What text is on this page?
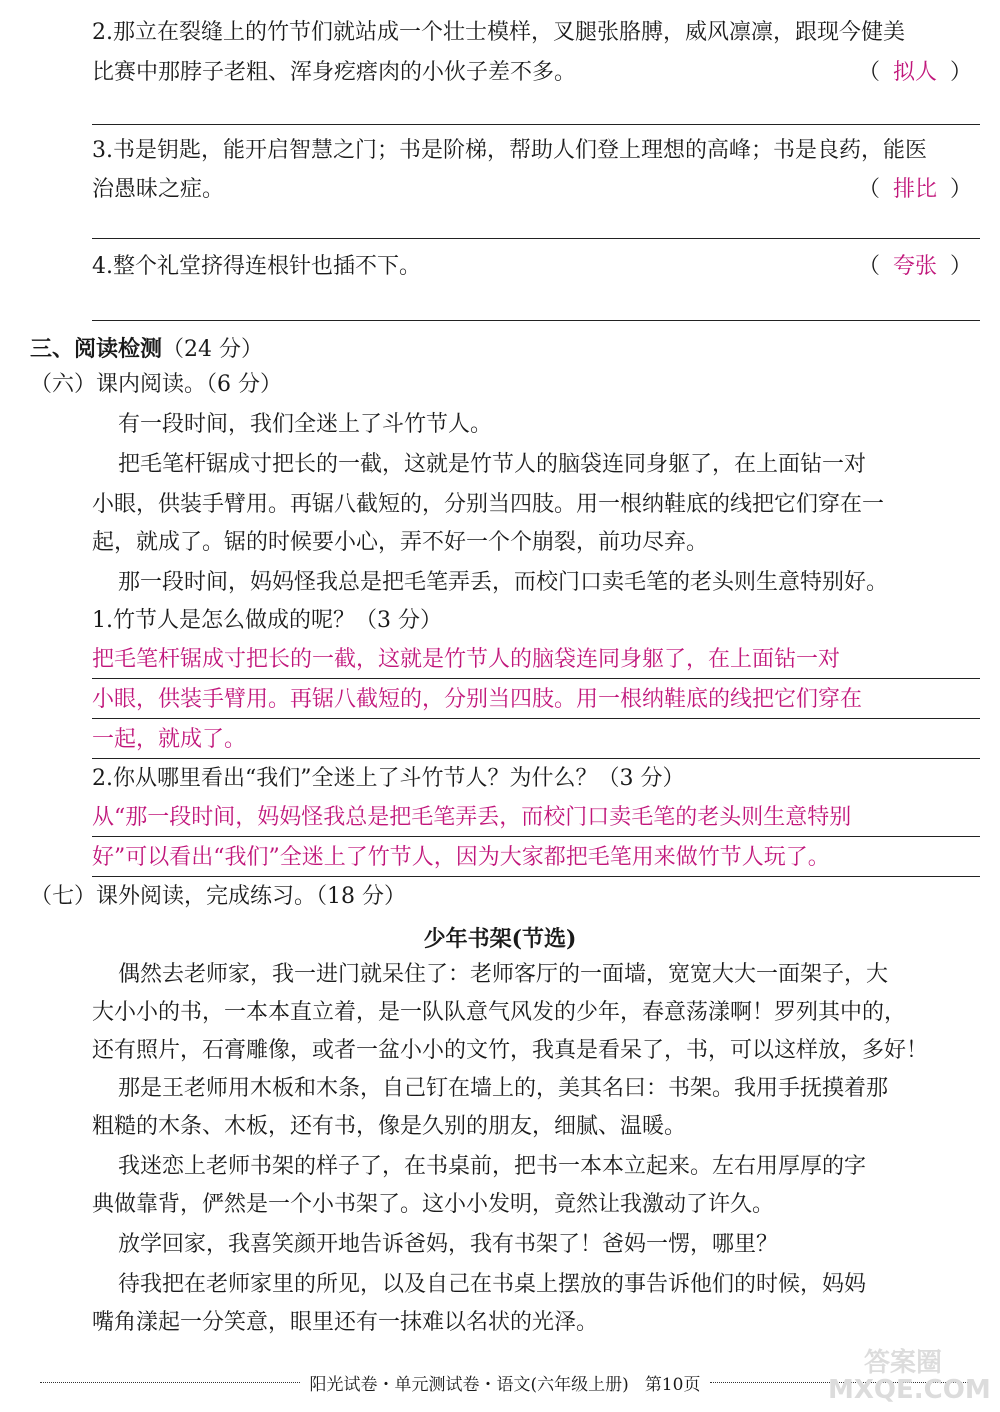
2.那立在裂缝上的竹节们就站成一个壮士模样，叉腿张胳膊，威风凛凛，跟现今健美
比赛中那脖子老粗、浑身疙瘩肉的小伙子差不多。	（ 拟人 ）
3.书是钥匙，能开启智慧之门；书是阶梯，帮助人们登上理想的高峰；书是良药，能医
治愚昧之症。	（ 排比 ）
4.整个礼堂挤得连根针也插不下。	（ 夸张 ）
三、阅读检测（24 分）
（六）课内阅读。（6 分）
有一段时间，我们全迷上了斗竹节人。
把毛笔杆锯成寸把长的一截，这就是竹节人的脑袋连同身躯了，在上面钻一对
小眼，供装手臂用。再锯八截短的，分别当四肢。用一根纳鞋底的线把它们穿在一
起，就成了。锯的时候要小心，弄不好一个个崩裂，前功尽弃。
那一段时间，妈妈怪我总是把毛笔弄丢，而校门口卖毛笔的老头则生意特别好。
1.竹节人是怎么做成的呢？（3 分）
把毛笔杆锯成寸把长的一截，这就是竹节人的脑袋连同身躯了，在上面钻一对
小眼，供装手臂用。再锯八截短的，分别当四肢。用一根纳鞋底的线把它们穿在
一起，就成了。
2.你从哪里看出“我们”全迷上了斗竹节人？为什么？（3 分）
从“那一段时间，妈妈怪我总是把毛笔弄丢，而校门口卖毛笔的老头则生意特别
好”可以看出“我们”全迷上了竹节人，因为大家都把毛笔用来做竹节人玩了。
（七）课外阅读，完成练习。（18 分）
少年书架(节选)
偶然去老师家，我一进门就呆住了：老师客厅的一面墙，宽宽大大一面架子，大
大小小的书，一本本直立着，是一队队意气风发的少年，春意荡漾啊！罗列其中的，
还有照片，石膏雕像，或者一盆小小的文竹，我真是看呆了，书，可以这样放，多好！
那是王老师用木板和木条，自己钉在墙上的，美其名曰：书架。我用手抚摸着那
粗糙的木条、木板，还有书，像是久别的朋友，细腻、温暖。
我迷恋上老师书架的样子了，在书桌前，把书一本本立起来。左右用厚厚的字
典做靠背，俨然是一个小书架了。这小小发明，竟然让我激动了许久。
放学回家，我喜笑颜开地告诉爸妈，我有书架了！爸妈一愣，哪里？
待我把在老师家里的所见，以及自己在书桌上摆放的事告诉他们的时候，妈妈
嘴角漾起一分笑意，眼里还有一抹难以名状的光泽。
阳光试卷・单元测试卷・语文(六年级上册) 第10页
答案圈
MXQE.COM
